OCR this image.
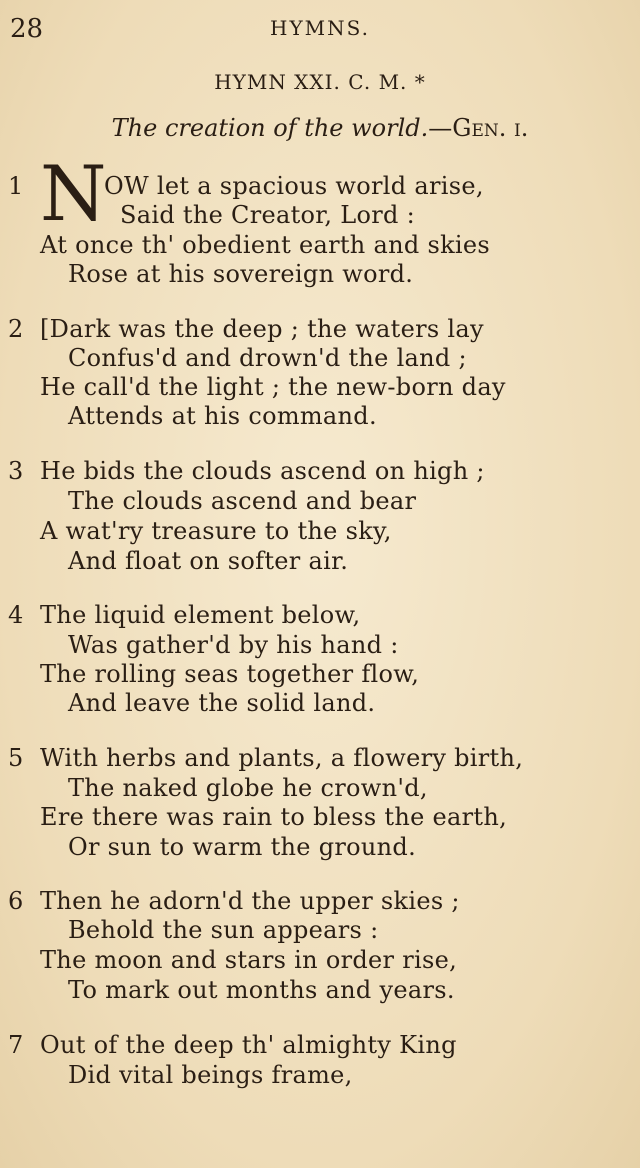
28	HYMNS.
HYMN XXI. C. M. *
The creation of the world.—Gen. i.
1 N
OW let a spacious world arise,
Said the Creator, Lord :
At once th' obedient earth and skies
Rose at his sovereign word.
2 [Dark was the deep ; the waters lay
Confus'd and drown'd the land ;
He call'd the light ; the new-born day
Attends at his command.
3 He bids the clouds ascend on high ;
The clouds ascend and bear
A wat'ry treasure to the sky,
And float on softer air.
4 The liquid element below,
Was gather'd by his hand :
The rolling seas together flow,
And leave the solid land.
5 With herbs and plants, a flowery birth,
The naked globe he crown'd,
Ere there was rain to bless the earth,
Or sun to warm the ground.
6 Then he adorn'd the upper skies ;
Behold the sun appears :
The moon and stars in order rise,
To mark out months and years.
7 Out of the deep th' almighty King
Did vital beings frame,
